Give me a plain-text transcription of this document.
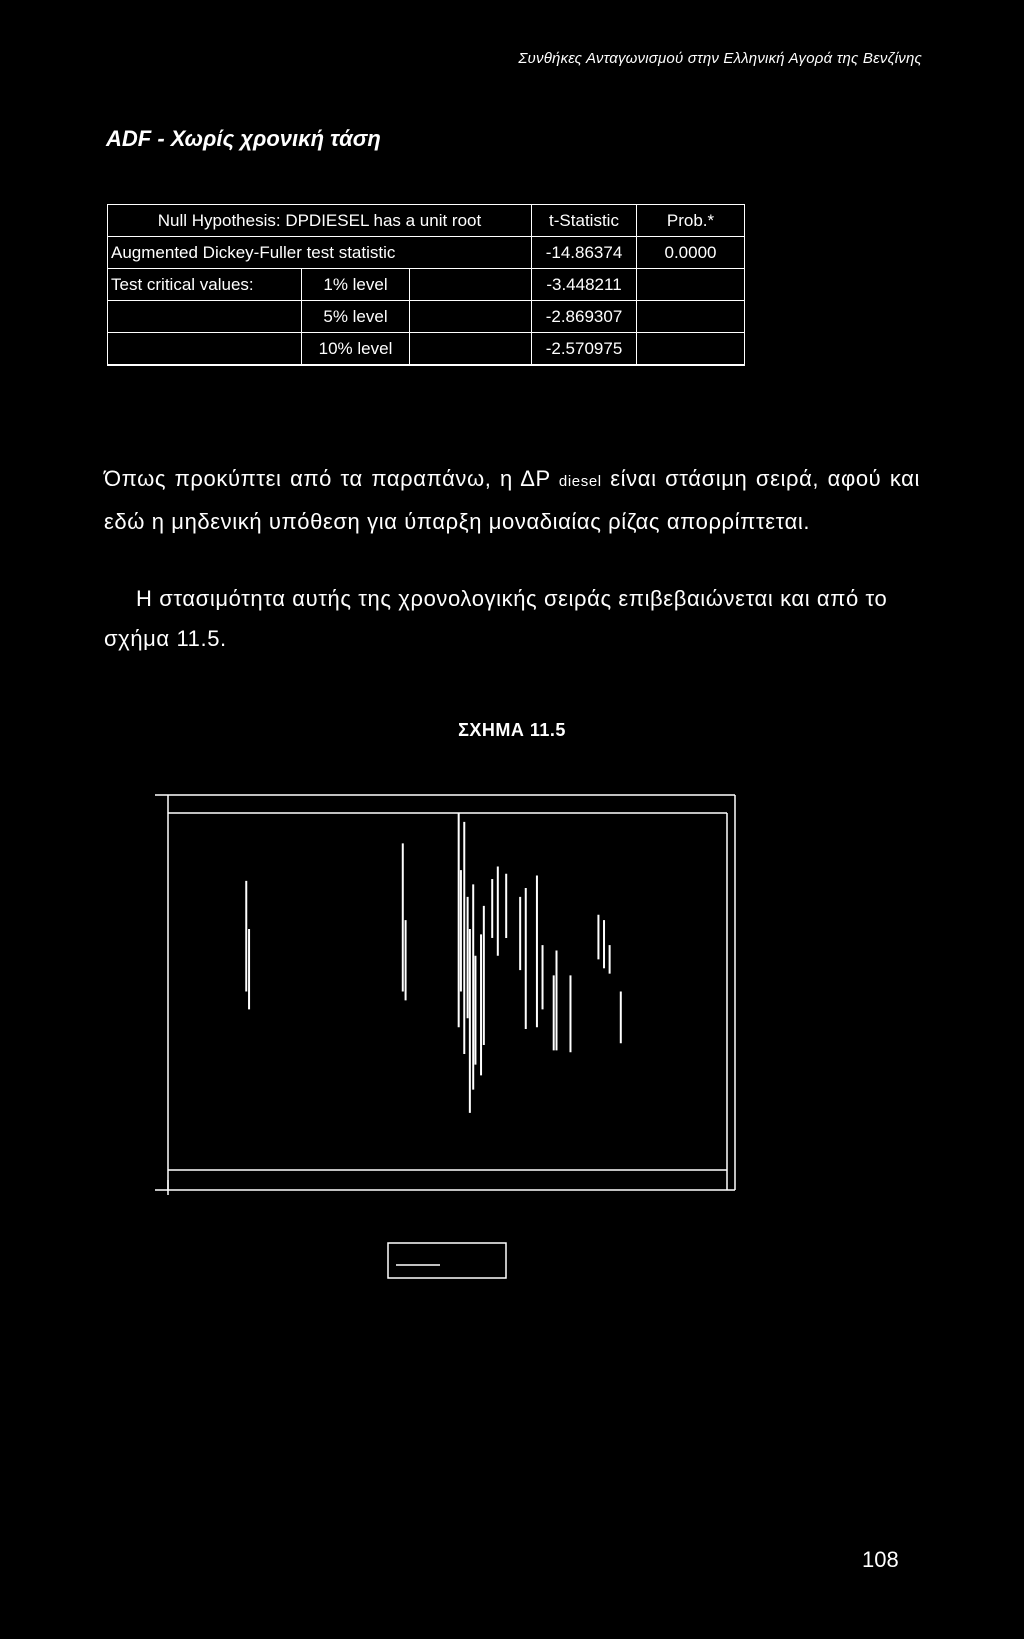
Συνθήκες Ανταγωνισμού στην Ελληνική Αγορά της Βενζίνης
ADF - Χωρίς χρονική τάση
Null Hypothesis: DPDIESEL has a unit root			t-Statistic	Prob.*
Augmented Dickey-Fuller test statistic			-14.86374	0.0000
Test critical values:	1% level		-3.448211	
	5% level		-2.869307	
	10% level		-2.570975	

Όπως προκύπτει από τα παραπάνω, η ΔΡ diesel είναι στάσιμη σειρά, αφού και εδώ η μηδενική υπόθεση για ύπαρξη μοναδιαίας ρίζας απορρίπτεται.

Η στασιμότητα αυτής της χρονολογικής σειράς επιβεβαιώνεται και από το σχήμα 11.5.

ΣΧΗΜΑ 11.5
108
